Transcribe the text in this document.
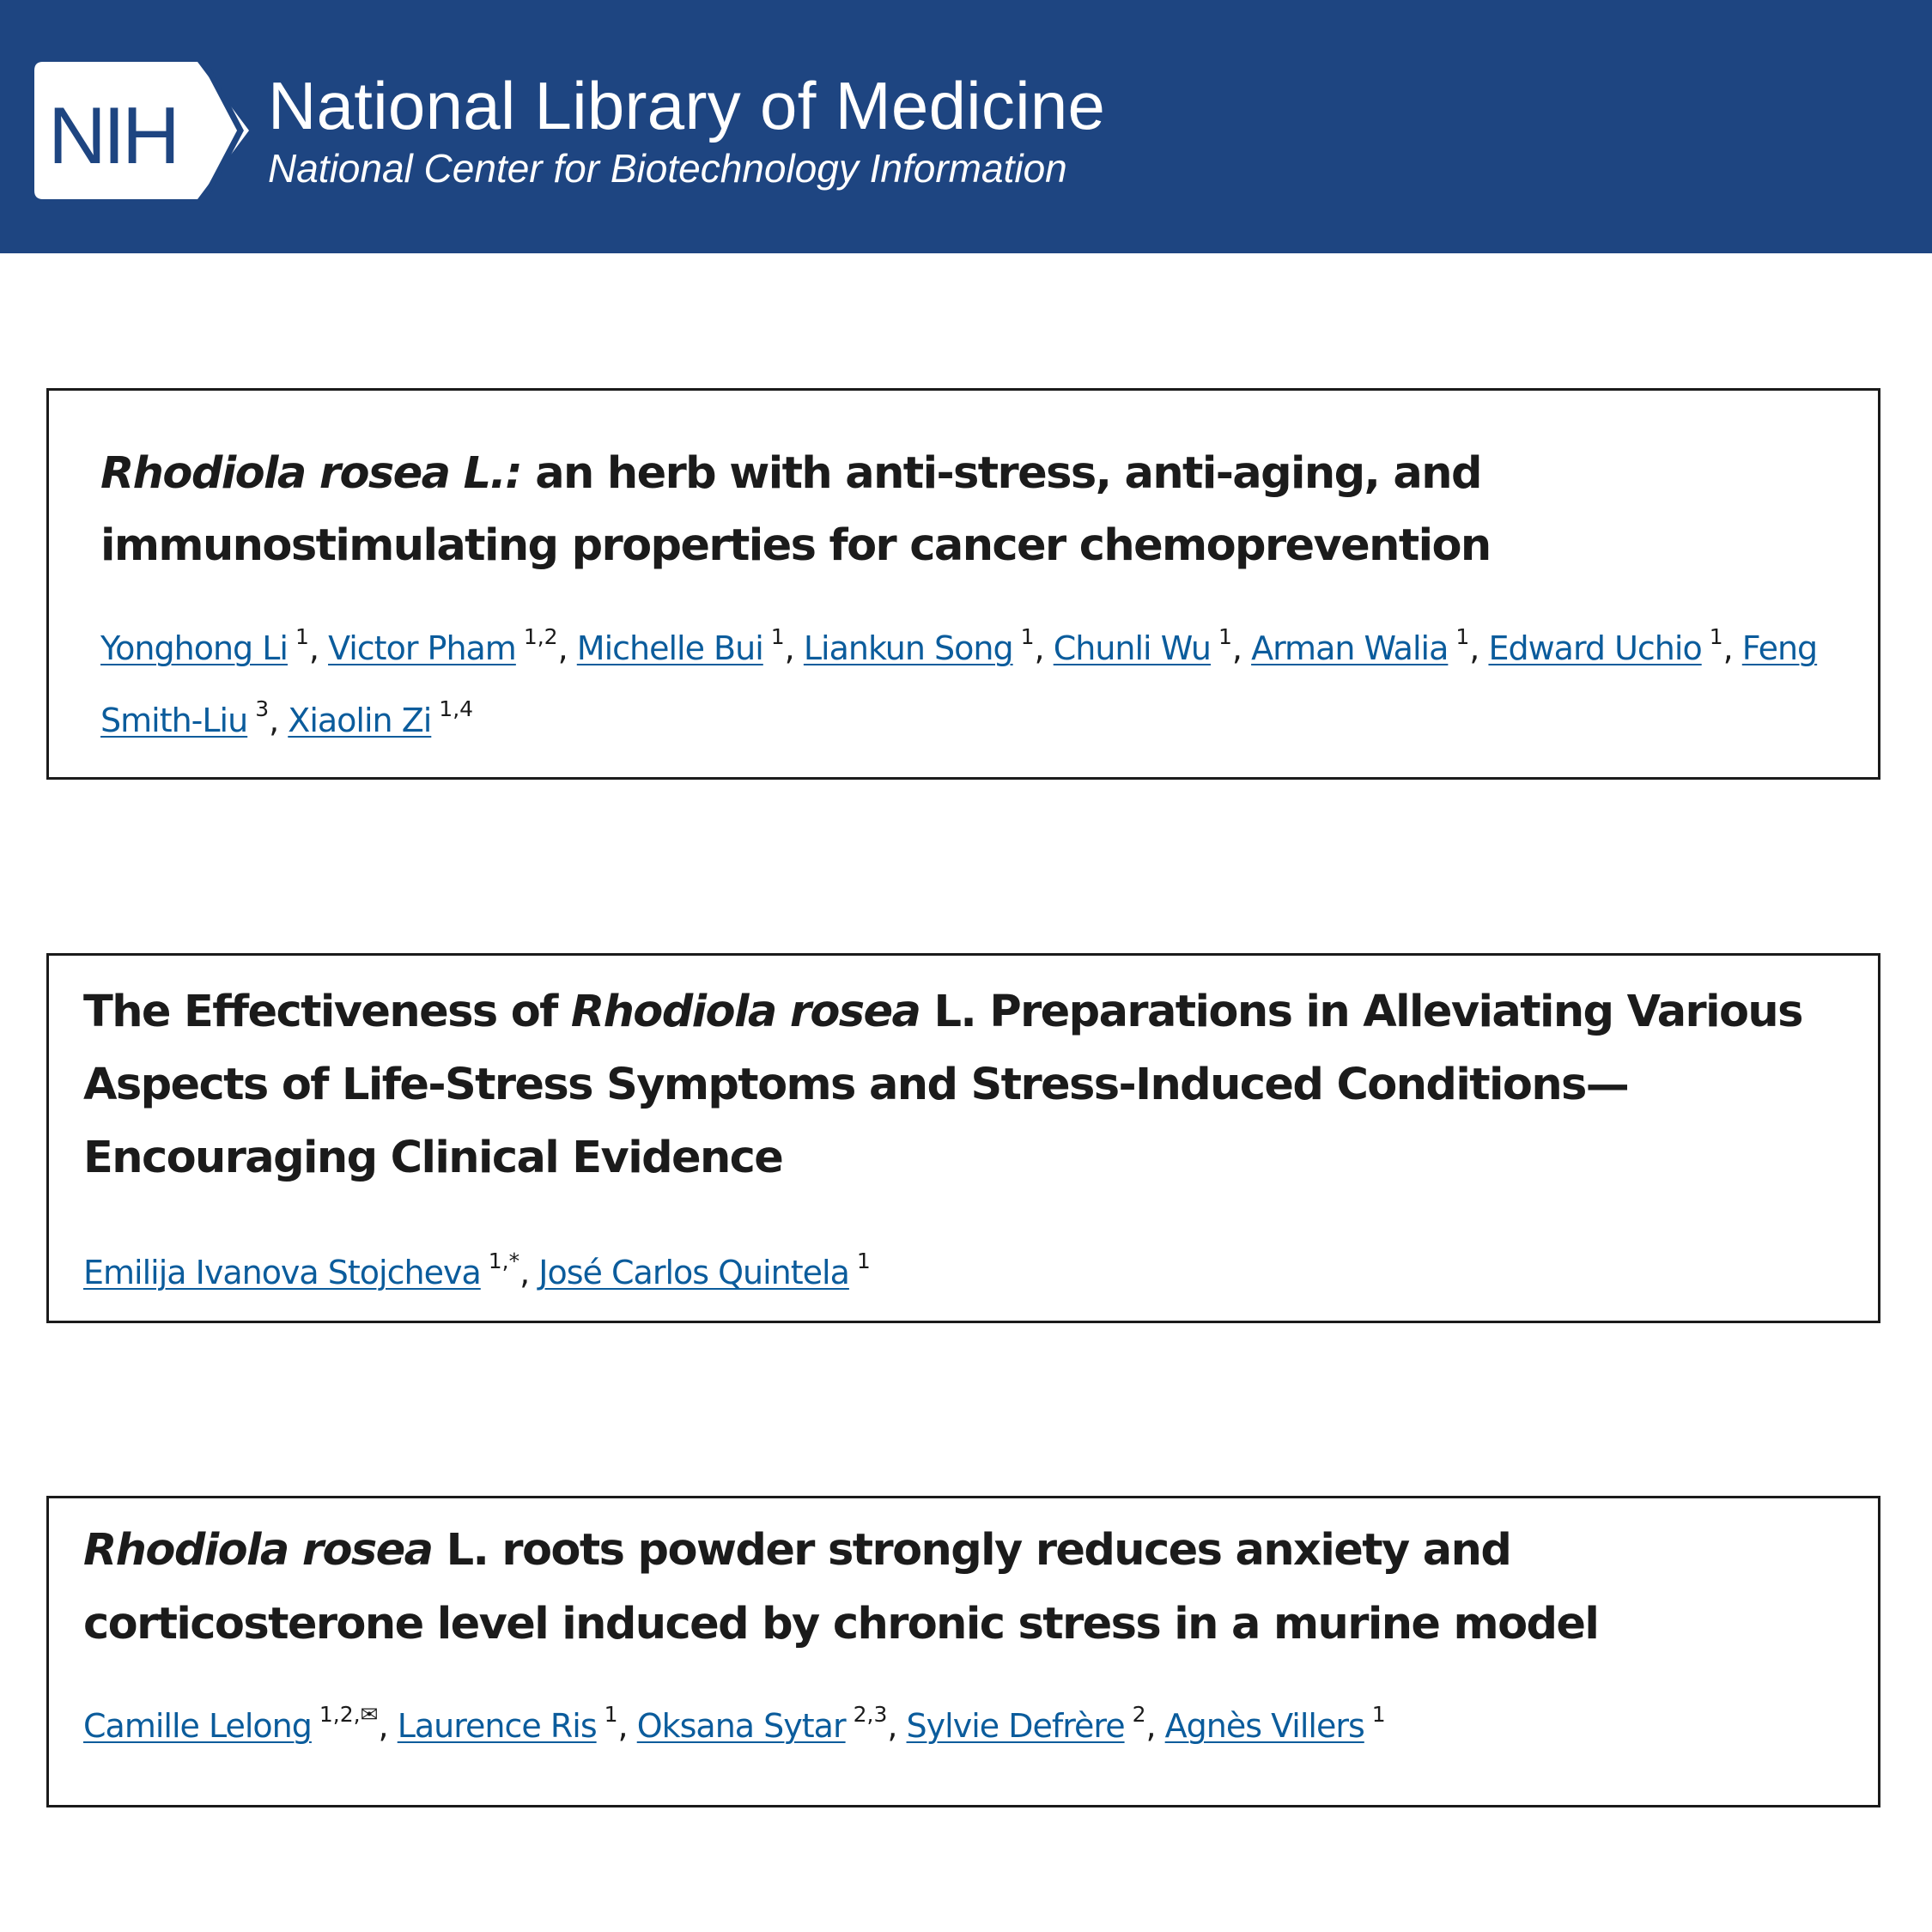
NIH National Library of Medicine
National Center for Biotechnology Information
Rhodiola rosea L.: an herb with anti-stress, anti-aging, and
immunostimulating properties for cancer chemoprevention
Yonghong Li $^1$, Victor Pham $^{1,2}$, Michelle Bui $^1$, Liankun Song $^1$, Chunli Wu $^1$, Arman Walia $^1$, Edward Uchio $^1$, Feng
Smith-Liu $^3$, Xiaolin Zi $^{1,4}$
The Effectiveness of Rhodiola rosea L. Preparations in Alleviating Various
Aspects of Life-Stress Symptoms and Stress-Induced Conditions—
Encouraging Clinical Evidence
Emilija Ivanova Stojcheva $^{1,*}$, José Carlos Quintela $^1$
Rhodiola rosea L. roots powder strongly reduces anxiety and
corticosterone level induced by chronic stress in a murine model
Camille Lelong $^{1,2,✉}$, Laurence Ris $^1$, Oksana Sytar $^{2,3}$, Sylvie Defrère $^2$, Agnès Villers $^1$
